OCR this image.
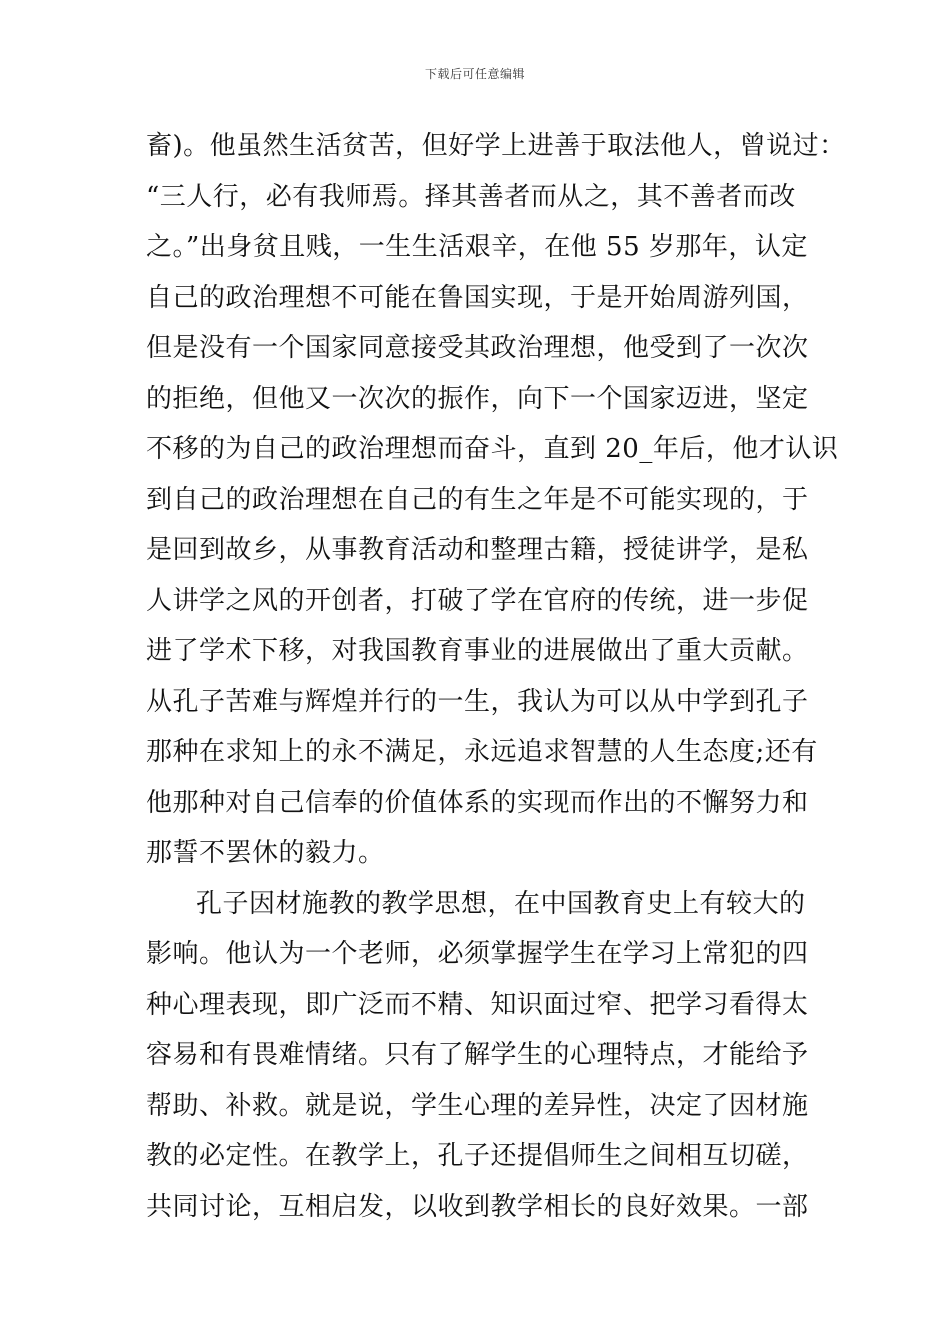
下载后可任意编辑
畜)。他虽然生活贫苦，但好学上进善于取法他人，曾说过：
“三人行，必有我师焉。择其善者而从之，其不善者而改
之。”出身贫且贱，一生生活艰辛，在他 55 岁那年，认定
自己的政治理想不可能在鲁国实现，于是开始周游列国，
但是没有一个国家同意接受其政治理想，他受到了一次次
的拒绝，但他又一次次的振作，向下一个国家迈进，坚定
不移的为自己的政治理想而奋斗，直到 20_年后，他才认识
到自己的政治理想在自己的有生之年是不可能实现的，于
是回到故乡，从事教育活动和整理古籍，授徒讲学，是私
人讲学之风的开创者，打破了学在官府的传统，进一步促
进了学术下移，对我国教育事业的进展做出了重大贡献。
从孔子苦难与辉煌并行的一生，我认为可以从中学到孔子
那种在求知上的永不满足，永远追求智慧的人生态度;还有
他那种对自己信奉的价值体系的实现而作出的不懈努力和
那誓不罢休的毅力。
孔子因材施教的教学思想，在中国教育史上有较大的
影响。他认为一个老师，必须掌握学生在学习上常犯的四
种心理表现，即广泛而不精、知识面过窄、把学习看得太
容易和有畏难情绪。只有了解学生的心理特点，才能给予
帮助、补救。就是说，学生心理的差异性，决定了因材施
教的必定性。在教学上，孔子还提倡师生之间相互切磋，
共同讨论，互相启发，以收到教学相长的良好效果。一部
